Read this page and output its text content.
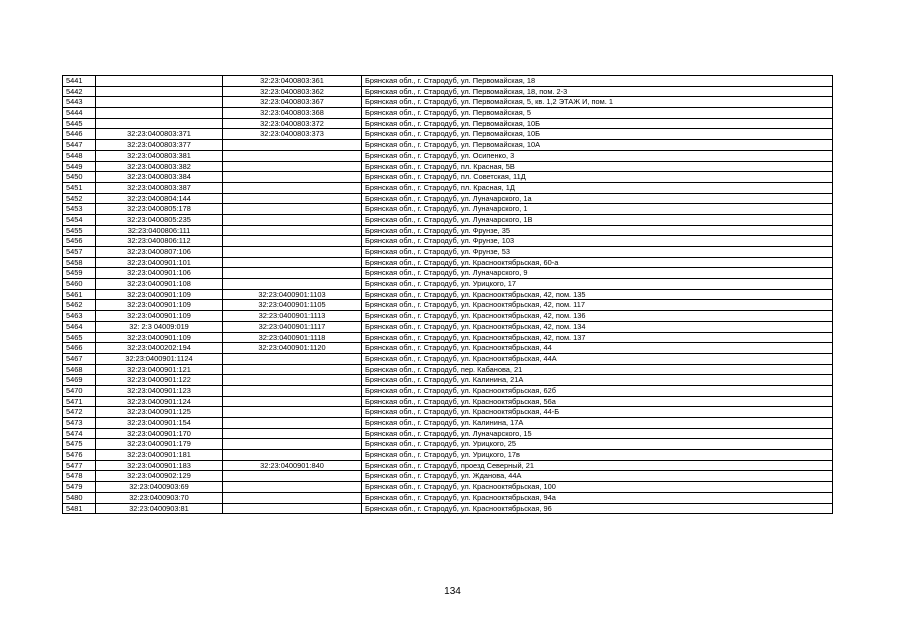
5441		32:23:0400803:361	Брянская обл., г. Стародуб, ул. Первомайская, 18
5442		32:23:0400803:362	Брянская обл., г. Стародуб, ул. Первомайская, 18, пом. 2-3
5443		32:23:0400803:367	Брянская обл., г. Стародуб, ул. Первомайская, 5, кв. 1,2 ЭТАЖ И, пом. 1
5444		32:23:0400803:368	Брянская обл., г. Стародуб, ул. Первомайская, 5
5445		32:23:0400803:372	Брянская обл., г. Стародуб, ул. Первомайская, 10Б
5446	32:23:0400803:371	32:23:0400803:373	Брянская обл., г. Стародуб, ул. Первомайская, 10Б
5447	32:23:0400803:377		Брянская обл., г. Стародуб, ул. Первомайская, 10А
5448	32:23:0400803:381		Брянская обл., г. Стародуб, ул. Осипенко, 3
5449	32:23:0400803:382		Брянская обл., г. Стародуб, пл. Красная, 5В
5450	32:23:0400803:384		Брянская обл., г. Стародуб, пл. Советская, 11Д
5451	32:23:0400803:387		Брянская обл., г. Стародуб, пл. Красная, 1Д
5452	32:23:0400804:144		Брянская обл., г. Стародуб, ул. Луначарского, 1а
5453	32:23:0400805:178		Брянская обл., г. Стародуб, ул. Луначарского, 1
5454	32:23:0400805:235		Брянская обл., г. Стародуб, ул. Луначарского, 1В
5455	32:23:0400806:111		Брянская обл., г. Стародуб, ул. Фрунзе, 35
5456	32:23:0400806:112		Брянская обл., г. Стародуб, ул. Фрунзе, 103
5457	32:23:0400807:106		Брянская обл., г. Стародуб, ул. Фрунзе, 53
5458	32:23:0400901:101		Брянская обл., г. Стародуб, ул. Краснооктябрьская, 60-а
5459	32:23:0400901:106		Брянская обл., г. Стародуб, ул. Луначарского, 9
5460	32:23:0400901:108		Брянская обл., г. Стародуб, ул. Урицкого, 17
5461	32:23:0400901:109	32:23:0400901:1103	Брянская обл., г. Стародуб, ул. Краснооктябрьская, 42, пом. 135
5462	32:23:0400901:109	32:23:0400901:1105	Брянская обл., г. Стародуб, ул. Краснооктябрьская, 42, пом. 117
5463	32:23:0400901:109	32:23:0400901:1113	Брянская обл., г. Стародуб, ул. Краснооктябрьская, 42, пом. 136
5464	32: 2:3 04009:019	32:23:0400901:1117	Брянская обл., г. Стародуб, ул. Краснооктябрьская, 42, пом. 134
5465	32:23:0400901:109	32:23:0400901:1118	Брянская обл., г. Стародуб, ул. Краснооктябрьская, 42, пом. 137
5466	32:23:0400202:194	32:23:0400901:1120	Брянская обл., г. Стародуб, ул. Краснооктябрьская, 44
5467	32:23:0400901:1124		Брянская обл., г. Стародуб, ул. Краснооктябрьская, 44А
5468	32:23:0400901:121		Брянская обл., г. Стародуб, пер. Кабанова, 21
5469	32:23:0400901:122		Брянская обл., г. Стародуб, ул. Калинина, 21А
5470	32:23:0400901:123		Брянская обл., г. Стародуб, ул. Краснооктябрьская, 62б
5471	32:23:0400901:124		Брянская обл., г. Стародуб, ул. Краснооктябрьская, 56а
5472	32:23:0400901:125		Брянская обл., г. Стародуб, ул. Краснооктябрьская, 44-Б
5473	32:23:0400901:154		Брянская обл., г. Стародуб, ул. Калинина, 17А
5474	32:23:0400901:170		Брянская обл., г. Стародуб, ул. Луначарского, 15
5475	32:23:0400901:179		Брянская обл., г. Стародуб, ул. Урицкого, 25
5476	32:23:0400901:181		Брянская обл., г. Стародуб, ул. Урицкого, 17в
5477	32:23:0400901:183	32:23:0400901:840	Брянская обл., г. Стародуб, проезд Северный, 21
5478	32:23:0400902:129		Брянская обл., г. Стародуб, ул. Жданова, 44А
5479	32:23:0400903:69		Брянская обл., г. Стародуб, ул. Краснооктябрьская, 100
5480	32:23:0400903:70		Брянская обл., г. Стародуб, ул. Краснооктябрьская, 94а
5481	32:23:0400903:81		Брянская обл., г. Стародуб, ул. Краснооктябрьская, 96
134
